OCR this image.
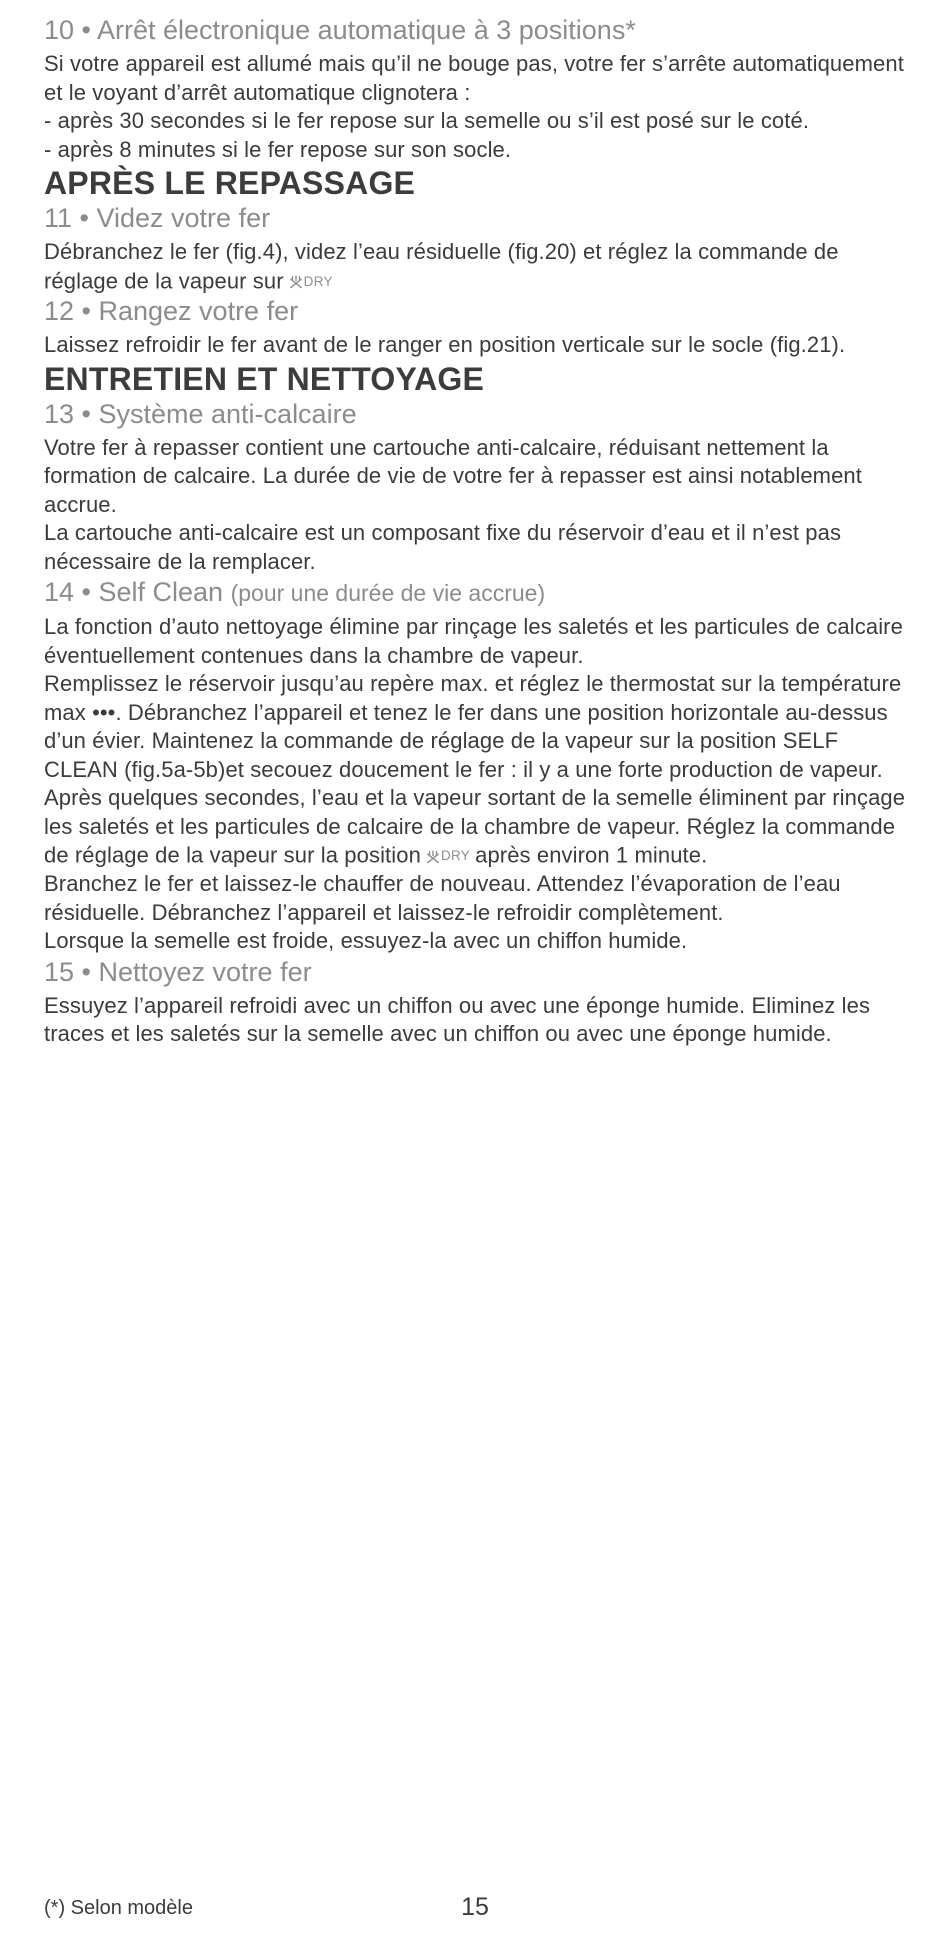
10 • Arrêt électronique automatique à 3 positions*

Si votre appareil est allumé mais qu’il ne bouge pas, votre fer s’arrête automatiquement et le voyant d’arrêt automatique clignotera :

- après 30 secondes si le fer repose sur la semelle ou s’il est posé sur le coté.

- après 8 minutes si le fer repose sur son socle.

APRÈS LE REPASSAGE
11 • Videz votre fer

Débranchez le fer (fig.4), videz l’eau résiduelle (fig.20) et réglez la commande de réglage de la vapeur sur DRY

12 • Rangez votre fer

Laissez refroidir le fer avant de le ranger en position verticale sur le socle (fig.21).

ENTRETIEN ET NETTOYAGE
13 • Système anti-calcaire

Votre fer à repasser contient une cartouche anti-calcaire, réduisant nettement la formation de calcaire. La durée de vie de votre fer à repasser est ainsi notablement accrue.

La cartouche anti-calcaire est un composant fixe du réservoir d’eau et il n’est pas nécessaire de la remplacer.

14 • Self Clean (pour une durée de vie accrue)

La fonction d’auto nettoyage élimine par rinçage les saletés et les particules de calcaire éventuellement contenues dans la chambre de vapeur.

Remplissez le réservoir jusqu’au repère max. et réglez le thermostat sur la température max •••. Débranchez l’appareil et tenez le fer dans une position horizontale au-dessus d’un évier. Maintenez la commande de réglage de la vapeur sur la position SELF CLEAN (fig.5a-5b)et secouez doucement le fer : il y a une forte production de vapeur. Après quelques secondes, l’eau et la vapeur sortant de la semelle éliminent par rinçage les saletés et les particules de calcaire de la chambre de vapeur. Réglez la commande de réglage de la vapeur sur la position DRY après environ 1 minute.

Branchez le fer et laissez-le chauffer de nouveau. Attendez l’évaporation de l’eau résiduelle. Débranchez l’appareil et laissez-le refroidir complètement.

Lorsque la semelle est froide, essuyez-la avec un chiffon humide.

15 • Nettoyez votre fer

Essuyez l’appareil refroidi avec un chiffon ou avec une éponge humide. Eliminez les traces et les saletés sur la semelle avec un chiffon ou avec une éponge humide.

(*) Selon modèle	15
